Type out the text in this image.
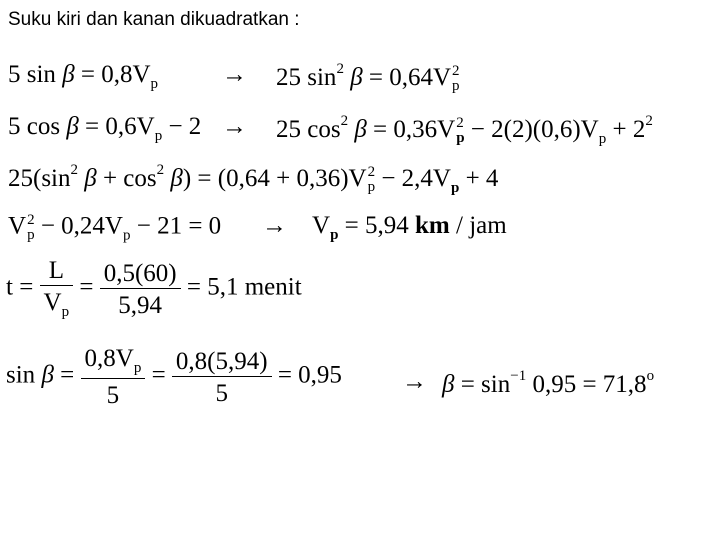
Suku kiri dan kanan dikuadratkan :
5 $\sin \beta = 0,8V_p$	→ 25 $\sin^2 \beta = 0,64V$ 2
p
5 $\cos \beta = 0,6V_p - 2 \to 25$ $\cos^2 \beta = 0,36V$ 2
$p - 2(2)(0,6)V_p + 2^2$
$25(\sin^2$ $\beta + \cos^2 \beta) = (0,64 + 0,36)V$ 2
$p - 2,4V_p + 4$
V 2
$p - 0,24V_p - 21 = 0 \to V_p = 5,94$ km / jam
$t = \frac{L}{V_p} = \frac{0,5(60)}{5,94} = 5,1$ menit
$\sin \beta = \frac{0,8V_p}{5} = \frac{0,8(5,94)}{5} = 0,95 \to \beta = \sin^{-1} 0,95 = 71,8^o$
